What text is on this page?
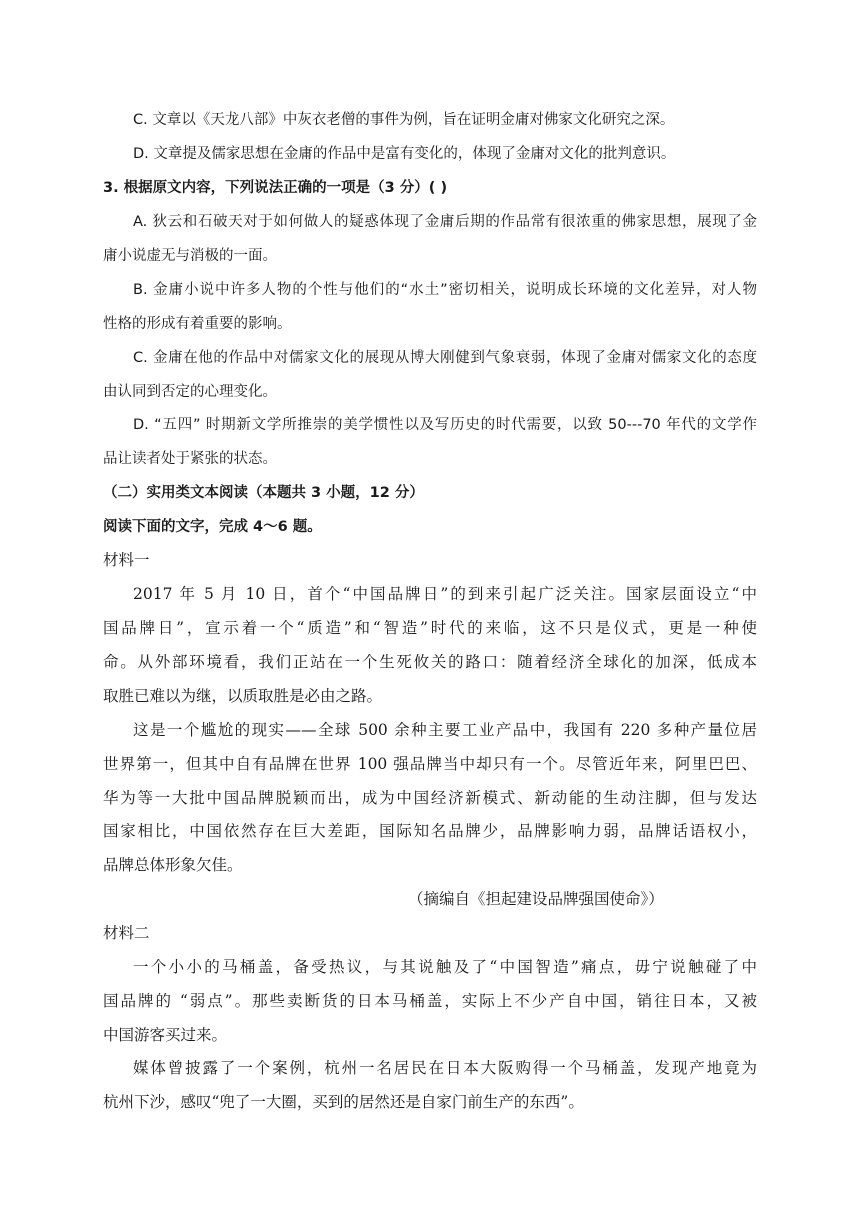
C. 文章以《天龙八部》中灰衣老僧的事件为例，旨在证明金庸对佛家文化研究之深。
D. 文章提及儒家思想在金庸的作品中是富有变化的，体现了金庸对文化的批判意识。
3. 根据原文内容，下列说法正确的一项是（3 分）( )
A. 狄云和石破天对于如何做人的疑惑体现了金庸后期的作品常有很浓重的佛家思想，展现了金
庸小说虚无与消极的一面。
B. 金庸小说中许多人物的个性与他们的“水土”密切相关，说明成长环境的文化差异，对人物
性格的形成有着重要的影响。
C. 金庸在他的作品中对儒家文化的展现从博大刚健到气象衰弱，体现了金庸对儒家文化的态度
由认同到否定的心理变化。
D. “五四” 时期新文学所推崇的美学惯性以及写历史的时代需要，以致 50---70 年代的文学作
品让读者处于紧张的状态。
（二）实用类文本阅读（本题共 3 小题，12 分）
阅读下面的文字，完成 4～6 题。
材料一
2017 年 5 月 10 日，首个“中国品牌日”的到来引起广泛关注。国家层面设立“中
国品牌日”，宣示着一个“质造”和“智造”时代的来临，这不只是仪式，更是一种使
命。从外部环境看，我们正站在一个生死攸关的路口：随着经济全球化的加深，低成本
取胜已难以为继，以质取胜是必由之路。
这是一个尴尬的现实——全球 500 余种主要工业产品中，我国有 220 多种产量位居
世界第一，但其中自有品牌在世界 100 强品牌当中却只有一个。尽管近年来，阿里巴巴、
华为等一大批中国品牌脱颖而出，成为中国经济新模式、新动能的生动注脚，但与发达
国家相比，中国依然存在巨大差距，国际知名品牌少，品牌影响力弱，品牌话语权小，
品牌总体形象欠佳。
（摘编自《担起建设品牌强国使命》）
材料二
一个小小的马桶盖，备受热议，与其说触及了“中国智造”痛点，毋宁说触碰了中
国品牌的 “弱点”。那些卖断货的日本马桶盖，实际上不少产自中国，销往日本，又被
中国游客买过来。
媒体曾披露了一个案例，杭州一名居民在日本大阪购得一个马桶盖，发现产地竟为
杭州下沙，感叹“兜了一大圈，买到的居然还是自家门前生产的东西”。
